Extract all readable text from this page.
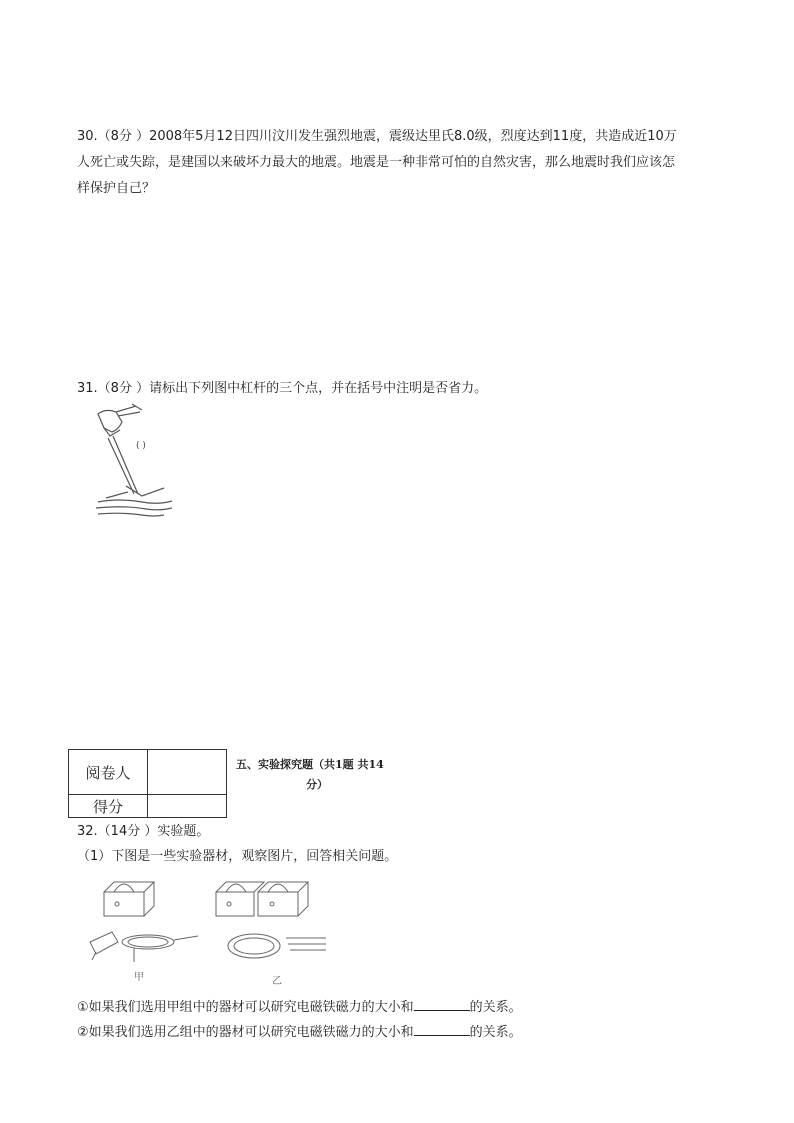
30.（8分 ）2008年5月12日四川汶川发生强烈地震，震级达里氏8.0级，烈度达到11度，共造成近10万
人死亡或失踪，是建国以来破坏力最大的地震。地震是一种非常可怕的自然灾害，那么地震时我们应该怎
样保护自己？
31.（8分 ）请标出下列图中杠杆的三个点，并在括号中注明是否省力。
( )
阅卷人	
得分	
五、实验探究题（共1题 共14
分）
32.（14分 ）实验题。
（1）下图是一些实验器材，观察图片，回答相关问题。
甲	乙
①如果我们选用甲组中的器材可以研究电磁铁磁力的大小和	的关系。
②如果我们选用乙组中的器材可以研究电磁铁磁力的大小和	的关系。
